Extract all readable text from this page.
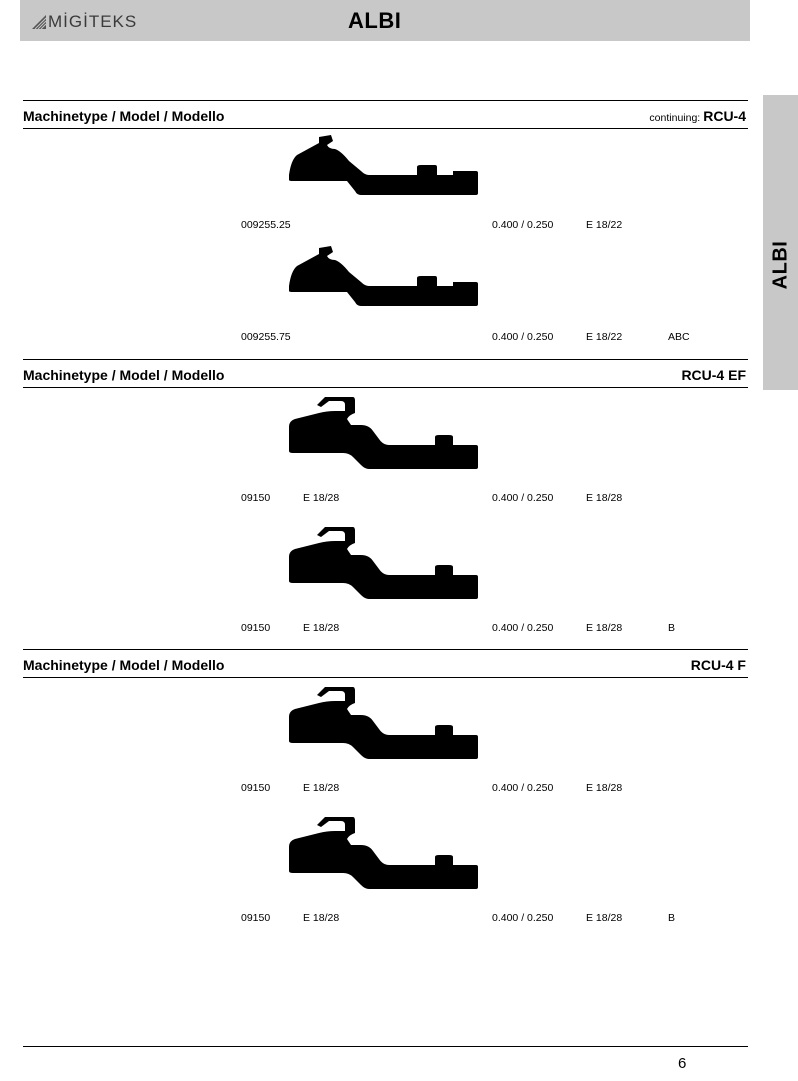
MİGİTEKS	ALBI
ALBI
Machinetype / Model / Modello	continuing: RCU-4
009255.25	0.400 / 0.250	E 18/22
009255.75	0.400 / 0.250	E 18/22	ABC
Machinetype / Model / Modello	RCU-4 EF
09150	E 18/28	0.400 / 0.250	E 18/28
09150	E 18/28	0.400 / 0.250	E 18/28	B
Machinetype / Model / Modello	RCU-4 F
09150	E 18/28	0.400 / 0.250	E 18/28
09150	E 18/28	0.400 / 0.250	E 18/28	B
6
